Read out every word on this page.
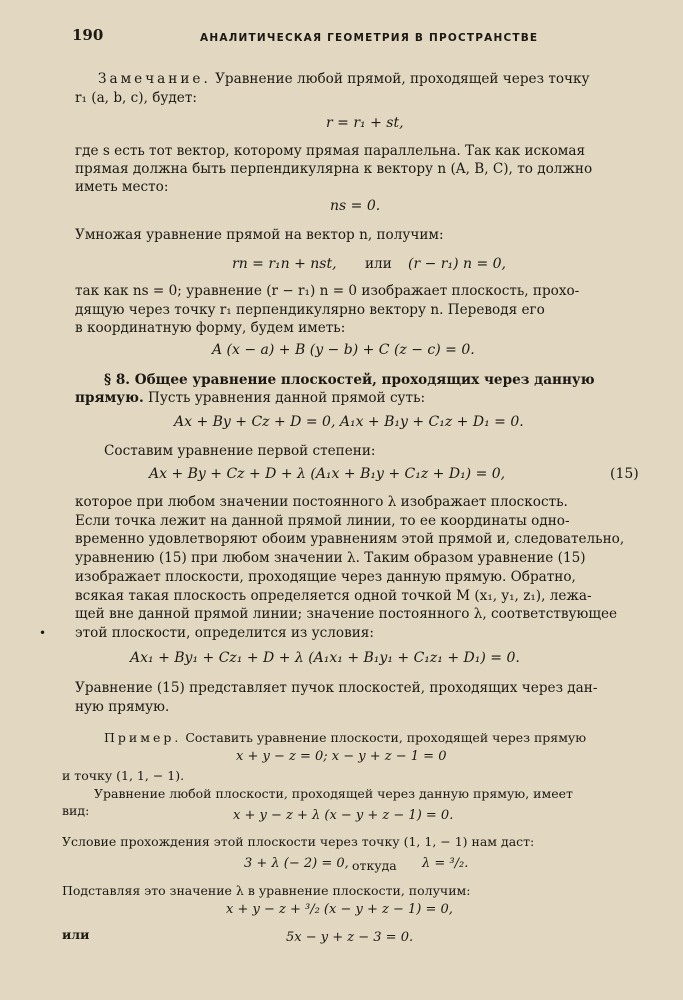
190	АНАЛИТИЧЕСКАЯ ГЕОМЕТРИЯ В ПРОСТРАНСТВЕ
Замечание. Уравнение любой прямой, проходящей через точку
r₁ (a, b, c), будет:
r = r₁ + st,
где s есть тот вектор, которому прямая параллельна. Так как искомая
прямая должна быть перпендикулярна к вектору n (A, B, C), то должно
иметь место:
ns = 0.
Умножая уравнение прямой на вектор n, получим:
rn = r₁n + nst, или (r − r₁) n = 0,
так как ns = 0; уравнение (r − r₁) n = 0 изображает плоскость, прохо-
дящую через точку r₁ перпендикулярно вектору n. Переводя его
в координатную форму, будем иметь:
A (x − a) + B (y − b) + C (z − c) = 0.
§ 8. Общее уравнение плоскостей, проходящих через данную
прямую. Пусть уравнения данной прямой суть:
Ax + By + Cz + D = 0, A₁x + B₁y + C₁z + D₁ = 0.
Составим уравнение первой степени:
Ax + By + Cz + D + λ (A₁x + B₁y + C₁z + D₁) = 0,	(15)
которое при любом значении постоянного λ изображает плоскость.
Если точка лежит на данной прямой линии, то ее координаты одно-
временно удовлетворяют обоим уравнениям этой прямой и, следовательно,
уравнению (15) при любом значении λ. Таким образом уравнение (15)
изображает плоскости, проходящие через данную прямую. Обратно,
всякая такая плоскость определяется одной точкой M (x₁, y₁, z₁), лежа-
щей вне данной прямой линии; значение постоянного λ, соответствующее
• этой плоскости, определится из условия:
Ax₁ + By₁ + Cz₁ + D + λ (A₁x₁ + B₁y₁ + C₁z₁ + D₁) = 0.
Уравнение (15) представляет пучок плоскостей, проходящих через дан-
ную прямую.
Пример. Составить уравнение плоскости, проходящей через прямую
x + y − z = 0; x − y + z − 1 = 0
и точку (1, 1, − 1).
Уравнение любой плоскости, проходящей через данную прямую, имеет
вид:	x + y − z + λ (x − y + z − 1) = 0.
Условие прохождения этой плоскости через точку (1, 1, − 1) нам даст:
3 + λ (− 2) = 0, откуда λ = ³/₂.
Подставляя это значение λ в уравнение плоскости, получим:
x + y − z + ³/₂ (x − y + z − 1) = 0,
или	5x − y + z − 3 = 0.
